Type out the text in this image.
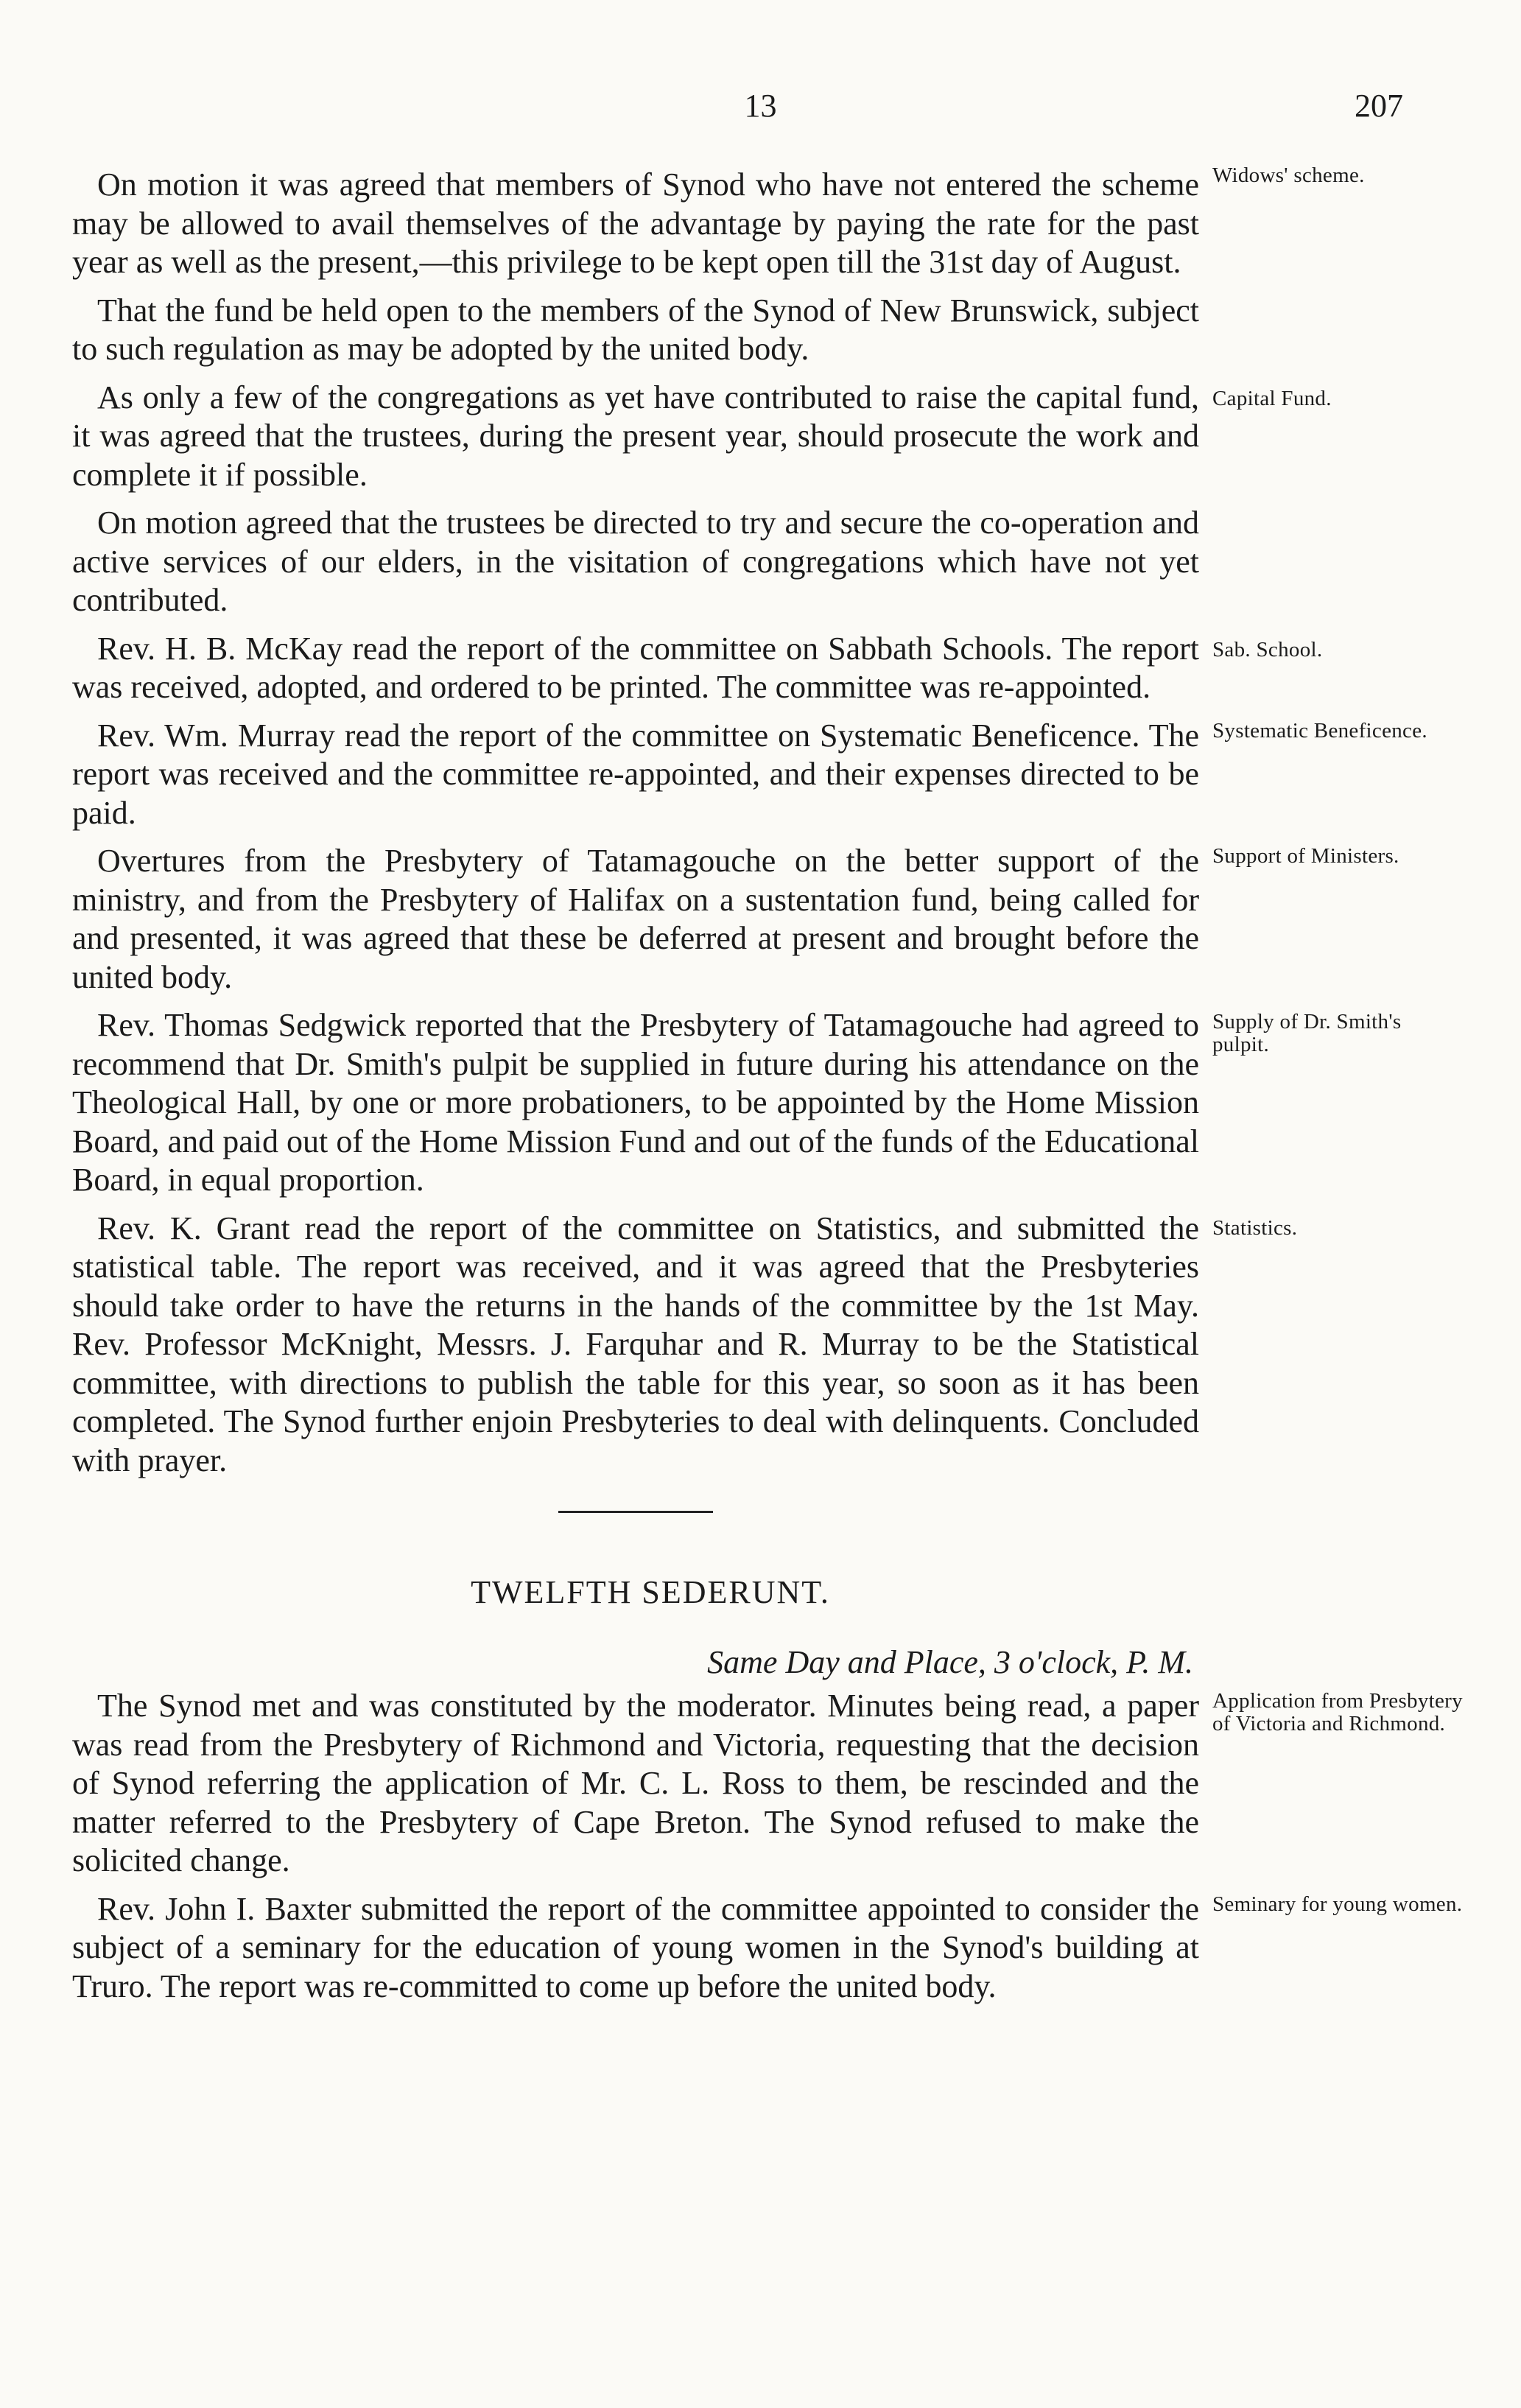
13	207

Widows' scheme.
On motion it was agreed that members of Synod who have not entered the scheme may be allowed to avail themselves of the advantage by paying the rate for the past year as well as the present,—this privilege to be kept open till the 31st day of August.

That the fund be held open to the members of the Synod of New Brunswick, subject to such regulation as may be adopted by the united body.

Capital Fund.
As only a few of the congregations as yet have contributed to raise the capital fund, it was agreed that the trustees, during the present year, should prosecute the work and complete it if possible.

On motion agreed that the trustees be directed to try and secure the co-operation and active services of our elders, in the visitation of congregations which have not yet contributed.

Sab. School.
Rev. H. B. McKay read the report of the committee on Sabbath Schools. The report was received, adopted, and ordered to be printed. The committee was re-appointed.

Systematic Beneficence.
Rev. Wm. Murray read the report of the committee on Systematic Beneficence. The report was received and the committee re-appointed, and their expenses directed to be paid.

Support of Ministers.
Overtures from the Presbytery of Tatamagouche on the better support of the ministry, and from the Presbytery of Halifax on a sustentation fund, being called for and presented, it was agreed that these be deferred at present and brought before the united body.

Supply of Dr. Smith's pulpit.
Rev. Thomas Sedgwick reported that the Presbytery of Tatamagouche had agreed to recommend that Dr. Smith's pulpit be supplied in future during his attendance on the Theological Hall, by one or more probationers, to be appointed by the Home Mission Board, and paid out of the Home Mission Fund and out of the funds of the Educational Board, in equal proportion.

Statistics.
Rev. K. Grant read the report of the committee on Statistics, and submitted the statistical table. The report was received, and it was agreed that the Presbyteries should take order to have the returns in the hands of the committee by the 1st May. Rev. Professor McKnight, Messrs. J. Farquhar and R. Murray to be the Statistical committee, with directions to publish the table for this year, so soon as it has been completed. The Synod further enjoin Presbyteries to deal with delinquents. Concluded with prayer.

TWELFTH SEDERUNT.
Same Day and Place, 3 o'clock, P. M.

Application from Presbytery of Victoria and Richmond.
The Synod met and was constituted by the moderator. Minutes being read, a paper was read from the Presbytery of Richmond and Victoria, requesting that the decision of Synod referring the application of Mr. C. L. Ross to them, be rescinded and the matter referred to the Presbytery of Cape Breton. The Synod refused to make the solicited change.

Seminary for young women.
Rev. John I. Baxter submitted the report of the committee appointed to consider the subject of a seminary for the education of young women in the Synod's building at Truro. The report was re-committed to come up before the united body.
